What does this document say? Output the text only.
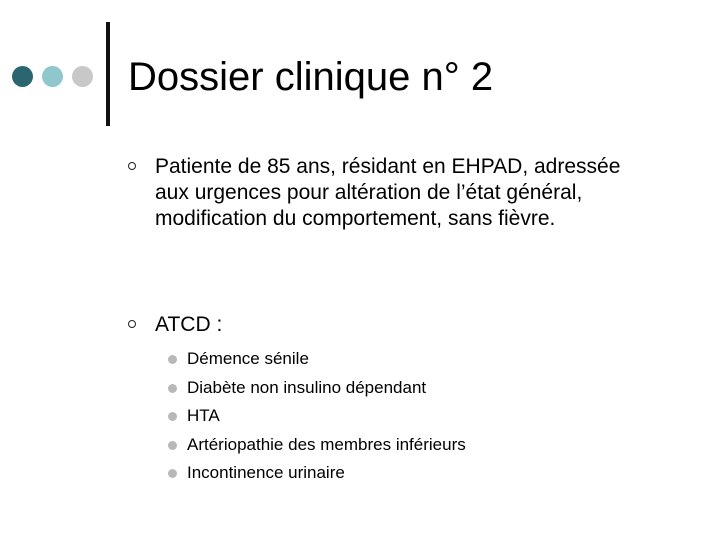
Dossier clinique n° 2
Patiente de 85 ans, résidant en EHPAD, adressée aux urgences pour altération de l’état général, modification du comportement, sans fièvre.
ATCD :
Démence sénile
Diabète non insulino dépendant
HTA
Artériopathie des membres inférieurs
Incontinence urinaire
